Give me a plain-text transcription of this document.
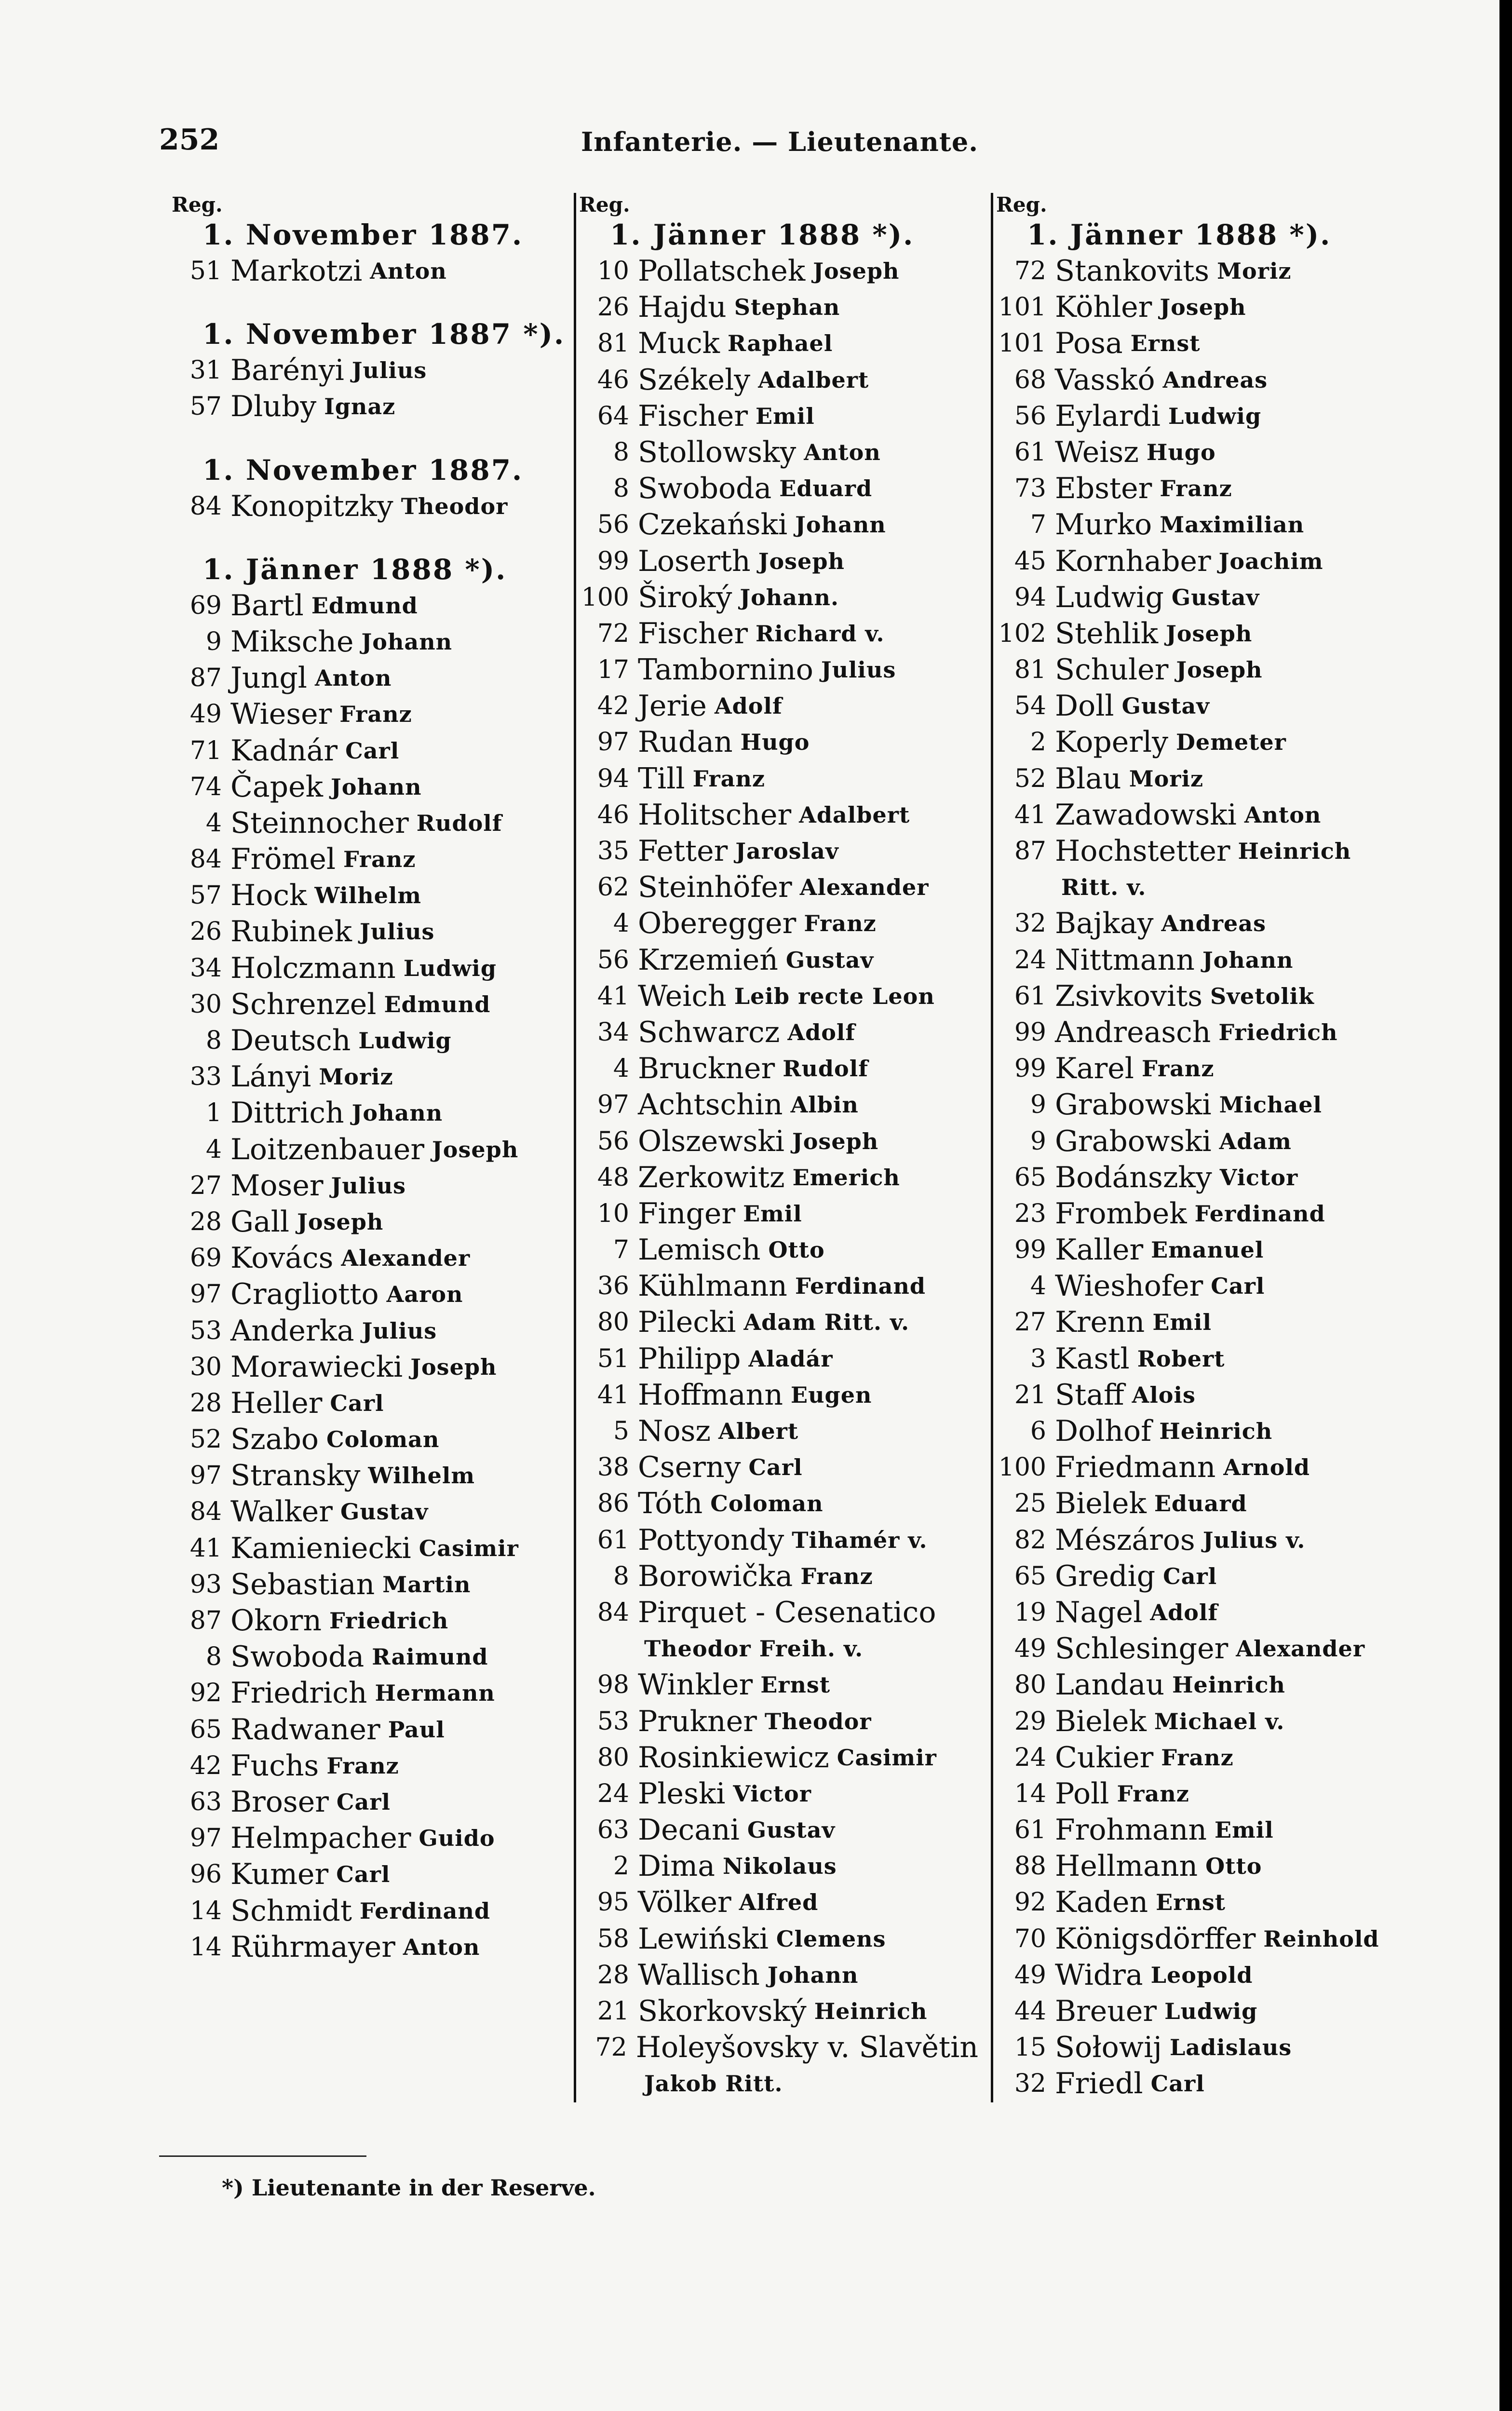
252	Infanterie. — Lieutenante.
Reg.
1. November 1887.
51 Markotzi Anton
1. November 1887 *).
31 Barényi Julius
57 Dluby Ignaz
1. November 1887.
84 Konopitzky Theodor
1. Jänner 1888 *).
69 Bartl Edmund
9 Miksche Johann
87 Jungl Anton
49 Wieser Franz
71 Kadnár Carl
74 Čapek Johann
4 Steinnocher Rudolf
84 Frömel Franz
57 Hock Wilhelm
26 Rubinek Julius
34 Holczmann Ludwig
30 Schrenzel Edmund
8 Deutsch Ludwig
33 Lányi Moriz
1 Dittrich Johann
4 Loitzenbauer Joseph
27 Moser Julius
28 Gall Joseph
69 Kovács Alexander
97 Cragliotto Aaron
53 Anderka Julius
30 Morawiecki Joseph
28 Heller Carl
52 Szabo Coloman
97 Stransky Wilhelm
84 Walker Gustav
41 Kamieniecki Casimir
93 Sebastian Martin
87 Okorn Friedrich
8 Swoboda Raimund
92 Friedrich Hermann
65 Radwaner Paul
42 Fuchs Franz
63 Broser Carl
97 Helmpacher Guido
96 Kumer Carl
14 Schmidt Ferdinand
14 Rührmayer Anton
Reg.
1. Jänner 1888 *).
10 Pollatschek Joseph
26 Hajdu Stephan
81 Muck Raphael
46 Székely Adalbert
64 Fischer Emil
8 Stollowsky Anton
8 Swoboda Eduard
56 Czekański Johann
99 Loserth Joseph
100 Široký Johann.
72 Fischer Richard v.
17 Tambornino Julius
42 Jerie Adolf
97 Rudan Hugo
94 Till Franz
46 Holitscher Adalbert
35 Fetter Jaroslav
62 Steinhöfer Alexander
4 Oberegger Franz
56 Krzemień Gustav
41 Weich Leib recte Leon
34 Schwarcz Adolf
4 Bruckner Rudolf
97 Achtschin Albin
56 Olszewski Joseph
48 Zerkowitz Emerich
10 Finger Emil
7 Lemisch Otto
36 Kühlmann Ferdinand
80 Pilecki Adam Ritt. v.
51 Philipp Aladár
41 Hoffmann Eugen
5 Nosz Albert
38 Cserny Carl
86 Tóth Coloman
61 Pottyondy Tihamér v.
8 Borowička Franz
84 Pirquet - Cesenatico
Theodor Freih. v.
98 Winkler Ernst
53 Prukner Theodor
80 Rosinkiewicz Casimir
24 Pleski Victor
63 Decani Gustav
2 Dima Nikolaus
95 Völker Alfred
58 Lewiński Clemens
28 Wallisch Johann
21 Skorkovský Heinrich
72 Holeyšovsky v. Slavětin
Jakob Ritt.
Reg.
1. Jänner 1888 *).
72 Stankovits Moriz
101 Köhler Joseph
101 Posa Ernst
68 Vasskó Andreas
56 Eylardi Ludwig
61 Weisz Hugo
73 Ebster Franz
7 Murko Maximilian
45 Kornhaber Joachim
94 Ludwig Gustav
102 Stehlik Joseph
81 Schuler Joseph
54 Doll Gustav
2 Koperly Demeter
52 Blau Moriz
41 Zawadowski Anton
87 Hochstetter Heinrich
Ritt. v.
32 Bajkay Andreas
24 Nittmann Johann
61 Zsivkovits Svetolik
99 Andreasch Friedrich
99 Karel Franz
9 Grabowski Michael
9 Grabowski Adam
65 Bodánszky Victor
23 Frombek Ferdinand
99 Kaller Emanuel
4 Wieshofer Carl
27 Krenn Emil
3 Kastl Robert
21 Staff Alois
6 Dolhof Heinrich
100 Friedmann Arnold
25 Bielek Eduard
82 Mészáros Julius v.
65 Gredig Carl
19 Nagel Adolf
49 Schlesinger Alexander
80 Landau Heinrich
29 Bielek Michael v.
24 Cukier Franz
14 Poll Franz
61 Frohmann Emil
88 Hellmann Otto
92 Kaden Ernst
70 Königsdörffer Reinhold
49 Widra Leopold
44 Breuer Ludwig
15 Sołowij Ladislaus
32 Friedl Carl
*) Lieutenante in der Reserve.
